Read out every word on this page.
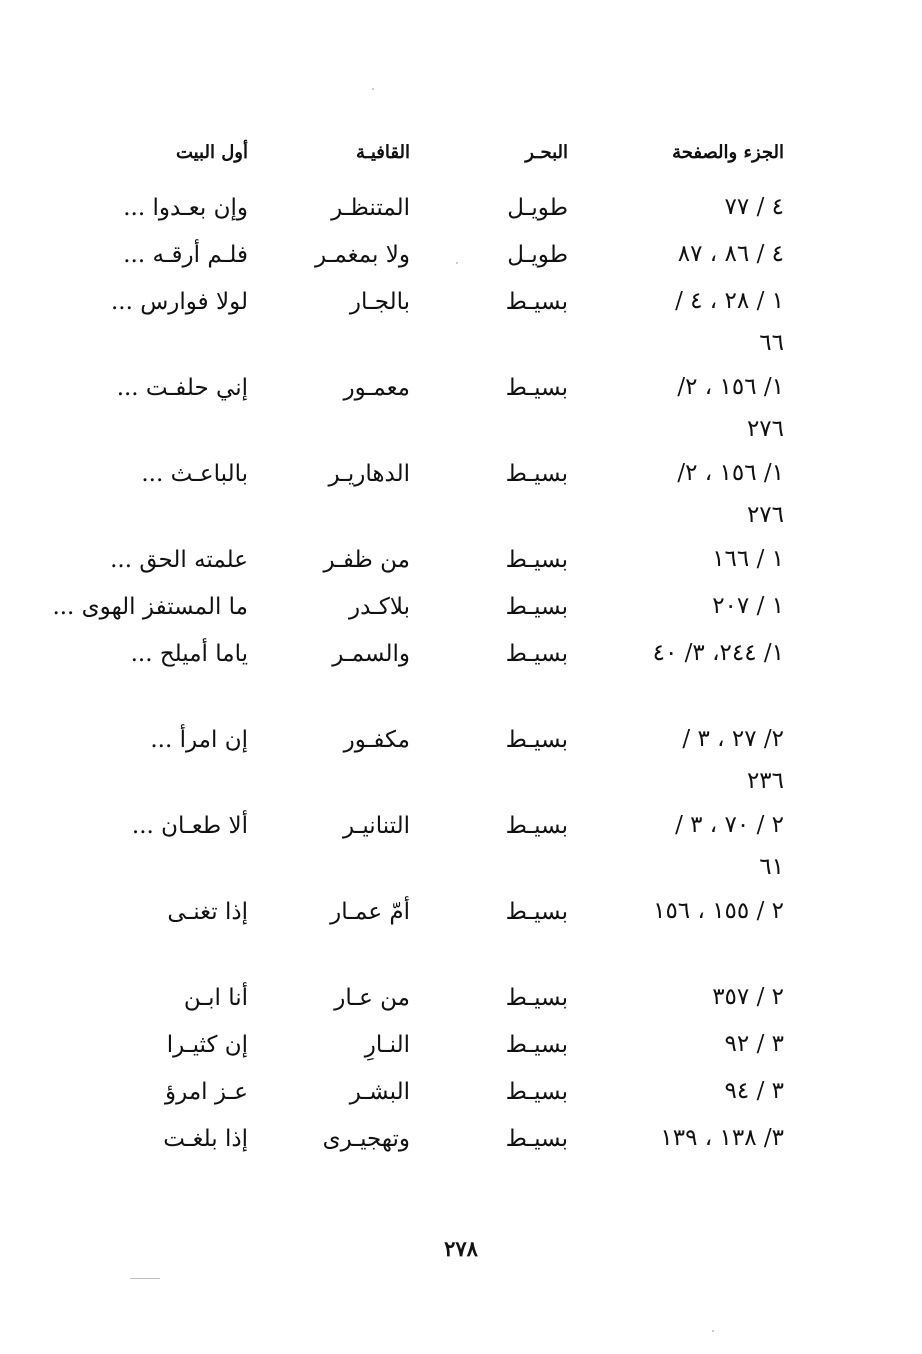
أول البيت	القافيـة	البحـر	الجزء والصفحة
وإن بعـدوا ...	المتنظـر	طويـل	٤ / ٧٧
فلـم أرقـه ...	ولا بمغمـر	طويـل	٤ / ٨٦ ، ٨٧
لولا فوارس ...	بالجـار	بسيـط	١ / ٢٨ ، ٤ / ٦٦
إني حلفـت ...	معمـور	بسيـط	١/ ١٥٦ ، ٢/ ٢٧٦
بالباعـث ...	الدهاريـر	بسيـط	١/ ١٥٦ ، ٢/ ٢٧٦
علمته الحق ...	من ظفـر	بسيـط	١ / ١٦٦
ما المستفز الهوى ...	بلاكـدر	بسيـط	١ / ٢٠٧
ياما أميلح ...	والسمـر	بسيـط	١/ ٢٤٤، ٣/ ٤٠
إن امرأ ...	مكفـور	بسيـط	٢/ ٢٧ ، ٣ / ٢٣٦
ألا طعـان ...	التنانيـر	بسيـط	٢ / ٧٠ ، ٣ / ٦١
إذا تغنـى	أمّ عمـار	بسيـط	٢ / ١٥٥ ، ١٥٦
أنا ابـن	من عـار	بسيـط	٢ / ٣٥٧
إن كثيـرا	النـارِ	بسيـط	٣ / ٩٢
عـز امرؤ	البشـر	بسيـط	٣ / ٩٤
إذا بلغـت	وتهجيـرى	بسيـط	٣/ ١٣٨ ، ١٣٩
٢٧٨
